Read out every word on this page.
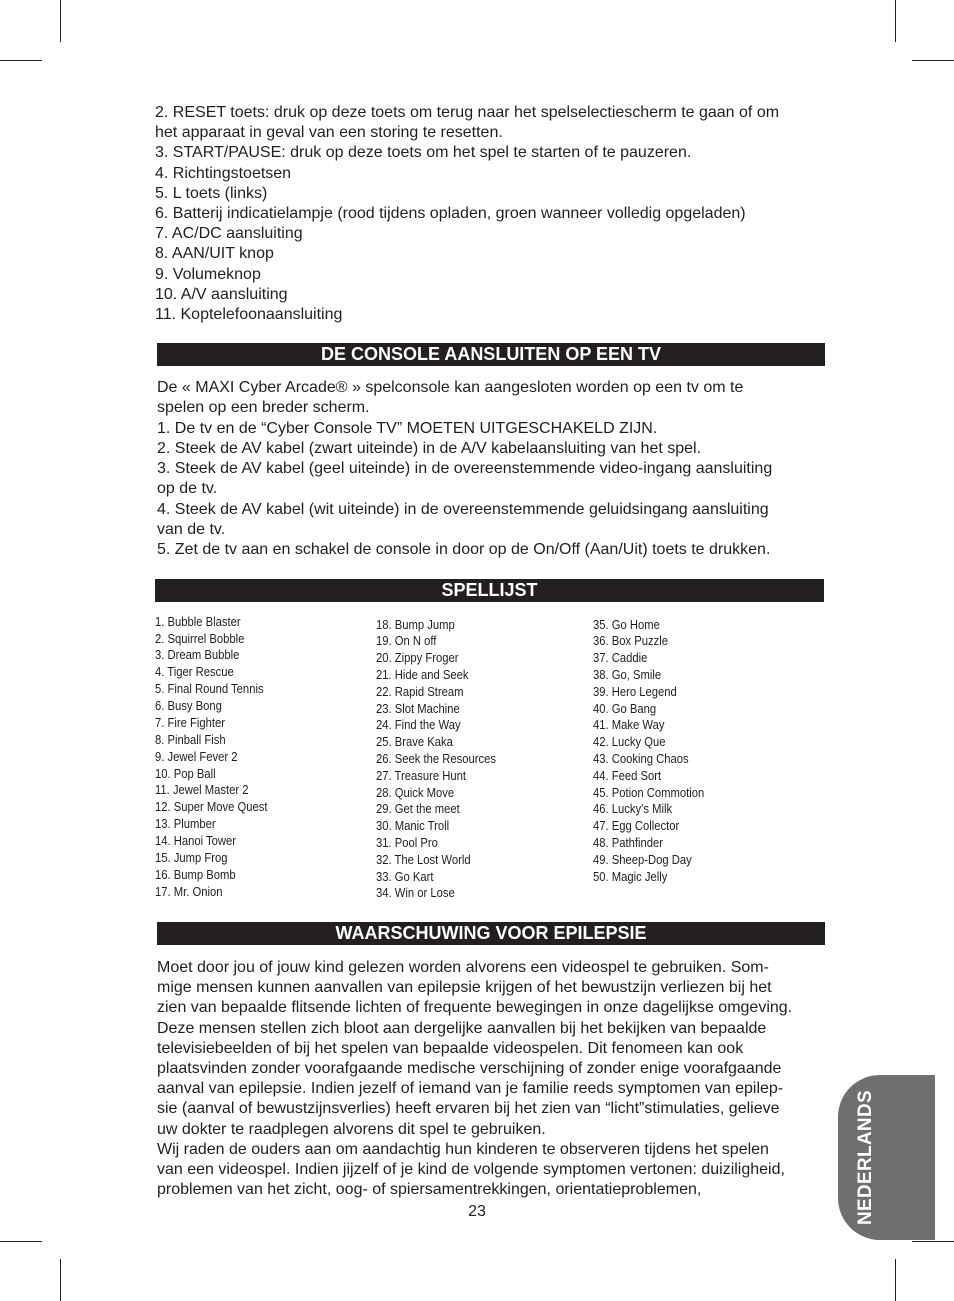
2. RESET toets: druk op deze toets om terug naar het spelselectiescherm te gaan of om
het apparaat in geval van een storing te resetten.
3. START/PAUSE: druk op deze toets om het spel te starten of te pauzeren.
4. Richtingstoetsen
5. L toets (links)
6. Batterij indicatielampje (rood tijdens opladen, groen wanneer volledig opgeladen)
7. AC/DC aansluiting
8. AAN/UIT knop
9. Volumeknop
10. A/V aansluiting
11. Koptelefoonaansluiting
DE CONSOLE AANSLUITEN OP EEN TV
De « MAXI Cyber Arcade® » spelconsole kan aangesloten worden op een tv om te
spelen op een breder scherm.
1. De tv en de “Cyber Console TV” MOETEN UITGESCHAKELD ZIJN.
2. Steek de AV kabel (zwart uiteinde) in de A/V kabelaansluiting van het spel.
3. Steek de AV kabel (geel uiteinde) in de overeenstemmende video-ingang aansluiting
op de tv.
4. Steek de AV kabel (wit uiteinde) in de overeenstemmende geluidsingang aansluiting
van de tv.
5. Zet de tv aan en schakel de console in door op de On/Off (Aan/Uit) toets te drukken.
SPELLIJST
1. Bubble Blaster
2. Squirrel Bobble
3. Dream Bubble
4. Tiger Rescue
5. Final Round Tennis
6. Busy Bong
7. Fire Fighter
8. Pinball Fish
9. Jewel Fever 2
10. Pop Ball
11. Jewel Master 2
12. Super Move Quest
13. Plumber
14. Hanoi Tower
15. Jump Frog
16. Bump Bomb
17. Mr. Onion
18. Bump Jump
19. On N off
20. Zippy Froger
21. Hide and Seek
22. Rapid Stream
23. Slot Machine
24. Find the Way
25. Brave Kaka
26. Seek the Resources
27. Treasure Hunt
28. Quick Move
29. Get the meet
30. Manic Troll
31. Pool Pro
32. The Lost World
33. Go Kart
34. Win or Lose
35. Go Home
36. Box Puzzle
37. Caddie
38. Go, Smile
39. Hero Legend
40. Go Bang
41. Make Way
42. Lucky Que
43. Cooking Chaos
44. Feed Sort
45. Potion Commotion
46. Lucky’s Milk
47. Egg Collector
48. Pathfinder
49. Sheep-Dog Day
50. Magic Jelly
WAARSCHUWING VOOR EPILEPSIE
Moet door jou of jouw kind gelezen worden alvorens een videospel te gebruiken. Som-
mige mensen kunnen aanvallen van epilepsie krijgen of het bewustzijn verliezen bij het
zien van bepaalde flitsende lichten of frequente bewegingen in onze dagelijkse omgeving.
Deze mensen stellen zich bloot aan dergelijke aanvallen bij het bekijken van bepaalde
televisiebeelden of bij het spelen van bepaalde videospelen. Dit fenomeen kan ook
plaatsvinden zonder voorafgaande medische verschijning of zonder enige voorafgaande
aanval van epilepsie. Indien jezelf of iemand van je familie reeds symptomen van epilep-
sie (aanval of bewustzijnsverlies) heeft ervaren bij het zien van “licht”stimulaties, gelieve
uw dokter te raadplegen alvorens dit spel te gebruiken.
Wij raden de ouders aan om aandachtig hun kinderen te observeren tijdens het spelen
van een videospel. Indien jijzelf of je kind de volgende symptomen vertonen: duiziligheid,
problemen van het zicht, oog- of spiersamentrekkingen, orientatieproblemen,
23	NEDERLANDS
